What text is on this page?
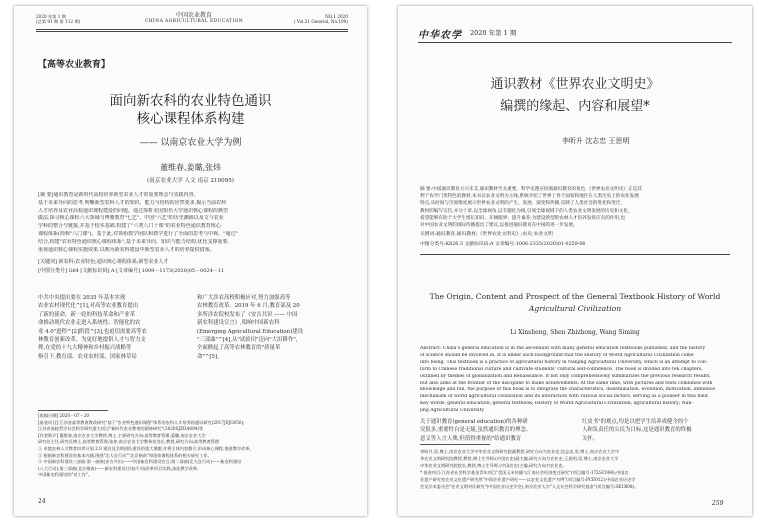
2020 年第 1 期
(总第 91 期 第 112 期)
中国农业教育
CHINA AGRICULTURAL EDUCATION
NO.1 2020
( Vol.21 General, No.199)
【高等农业教育】
面向新农科的农业特色通识
核心课程体系构建
—— 以南京农业大学为例
董维春,姜璐,张炜
(南京农业大学 人文 南京 210095)
[摘 要]通识教育是新时代高校培养新型农业人才的重要理念与实践内容。
基于未来导向的思考,明晰新型农科人才的知识、能力与结构的应然要求,揭示当前农科
人才培养及农业高校通识课程建设的问题。通过探析美国知名大学通识核心课程的典型
做法,探寻核心课程六大领域与博雅教育"七艺"、中国"六艺"的历史渊源以及文与农业
学科的整合与链接,并基于校本基础,构建了"六类八门十课"的农业特色通识教育核心
课程体系(简称"八门课")。基于此,对领衔教学团队和教学进行了全面的思考与中观、"通过"
结合,构建"农业特色通识核心课程体系";基于未来导向、知识与能力结构;优化支撑重要,
重视通识核心课程实施效果,以期为新农科建设中新型农业人才的培养提供借鉴。
[关键词] 新农科;农业特色;通识核心课程体系;新型农业人才
[中图分类号] G64 [文献标识码] A [文章编号] 1009－1173(2020)05－0024－11
中共中央提出要在 2035 年基本实现
农业农村现代化^[1],对高等农业教育提出
了新的使命。新一轮的科技革命和产业革
命推动现代农业走进入系统性、智能化的农
业 4.0"进程^[2]阶段^[3],也迫切需要高等农
林教育创新改革。为更好地提供人才与智力支
撑,在党的十九大精神和乡村振兴战略等
指引下,教育部、农业农村部、国家林草局
和广大涉农高校积极应对,努力加强高等
农林教育改革。2019 年 6 月,教育部及 20
多所涉农院校发布了《安吉共识 —— 中国
新农科建设宣言》,唱响中国新农科
(Emerging Agricultural Education)建设
"三部曲"^[4],从"试验田"迈向"大田耕作",
全面掀起了高等农林教育的"质量革
命"^[5]。
[收稿日期] 2020－07－20
[基金项目] 江苏省高等教育教改研究"基于"农业特色通识课程"体系的农科人才培养的通识研究(2017JSJG050);
江苏省高校哲学社会科学研究重大项目"新时代农业教育的精神研究"(2020SJZDA094)等
[作者简介] 董维春,南京农业大学教授,博士,主要研究方向:高等教育管理;姜璐,南京农业大学
研究处主任,研究员博士,高等教育管理;张炜,南京农业大学教务处处长,教授,研究方向:高等教育管理
① 卓越农林人才教育培养计划 2.0 建设及名师团队建设的重大课题,并将主体内容整合,形成核心课程,推进教学改革。
② 根据新农科建设的基本内涵,围绕"北大仓行动""北京指南"和国家课程体系的相关研究工作。
③ 中国新农科建设三部曲:第一部曲(安吉共识)——中国新农科建设宣言;第二部曲(北大仓行动)——新农科建设
(八大行动);第三部曲(北京指南)——新农科建设(百校千项)改革项目实践,深化教学改革,
中国新农科建设的"对工作"。
24
中华农学 2020 年第 1 期
通识教材《世界农业文明史》
编撰的缘起、内容和展望*
李昕升 沈志忠 王思明
摘 要:中国通识教育方兴未艾,通识教材至关重要。科学史理应扮演通识教育的角色,《世界农业文明史》正是其
利于农学门类特色的教材,本书以农业文明为主线,系统介绍了世界上各个国家和地区在人类历史上的农业发展
特点,从时间与空间维度展示世界农业文明的产生、发展、演变和传播,反映了人类社会的进化和变迁,
教材的编写宗旨,并分十章,以全球视角,以专题化为线,引领全球视域下的人类农业文明发展的历史和文化,
希望能够有助于大学生增长知识、开阔眼界、提升素养,为建设新型的农林人才培养发挥应有的作用,也
对中国农业文明的国际传播提出了建议,以推进通识教育在中国的进一步发展。
关键词:通识教育;通识教材;《世界农业文明史》;农史;农业文明
中图分类号:K826.3 文献标识码:A 文章编号:1006-2335(2020)01-0259-06
The Origin, Content and Prospect of the General Textbook History of World
Agricultural Civilization
Li Xinsheng, Shen Zhizhong, Wang Siming
Abstract: China's general education is in the ascendant with many general education textbooks published, and the history
of science should be involved in. It is under such background that the History of World Agricultural Civilization came
into being. This textbook is a practice of agricultural history in Nanjing Agricultural University, which is an attempt to con-
form to Chinese traditional culture and cultivate students' cultural self-confidence. The book is divided into ten chapters,
outlined by themes of globalization and Renaissance. It not only comprehensively summarizes the previous research results,
but also aims at the frontier of the discipline to make achievements. At the same time, with pictures and texts combined with
knowledge and fun, the purpose of this book is to integrate the characteristics, dissemination, evolution, motivation, influence
mechanism of world agricultural civilization and its interaction with various social factors, serving as a pioneer in this field.
Key words: general education; general textbook; History of World Agricultural Civilization; agricultural history; Nan-
jing Agricultural University
关于通识教育(general education)的各种研
究很多,重要性自是无疑,虽然通识教育的理念、
意义等人言人殊,但值得重视的"给通识教育
红皮书"的观点,均是以把学生培养成健全的个
人和负责任的公民为目标,这是通识教育的终极
关怀。
李昕升,男,博士,南京农业大学中华农业文明研究院副教授,研究方向为农业史;沈志忠,男,博士,南京农业大学中
华农业文明研究院教授,教授,博士生导师;(中国农史)副主编,研究方向为农业史;王思明,男,博士,南京农业大学
中华农业文明研究院院长,教授,博士生导师,(中国农史)主编,研究方向为农业史。
* 基金项目:江苏省社会科学基金青年项目"美国玉米传播与江南社会经济变迁研究"(项目编号:17LSC004);中国农
业遗产研究室农业文化遗产研究所"中国农业遗产研究——以农业文化遗产为例"(项目编号:PCE012);中国农业历史学
会及学术委员会"农业文明对比研究"(中国农业历史学会),南京农业大学"人文社会科学研究基金"(项目编号:SK1B08)。
259
